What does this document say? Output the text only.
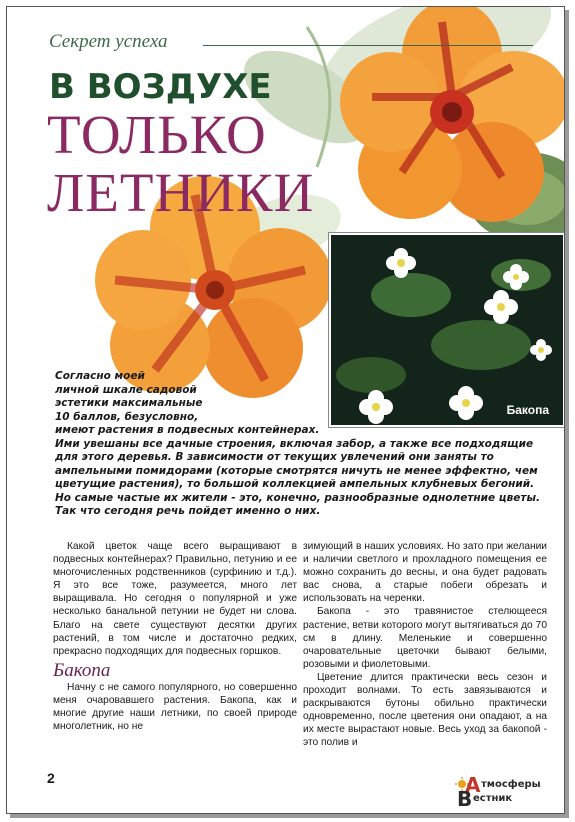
Секрет успеха
В ВОЗДУХЕ
ТОЛЬКО
ЛЕТНИКИ
Бакопа

Согласно моей

личной шкале садовой

эстетики максимальные

10 баллов, безусловно,

имеют растения в подвесных контейнерах.

Ими увешаны все дачные строения, включая забор, а также все подходящие для этого деревья. В зависимости от текущих увлечений они заняты то ампельными помидорами (которые смотрятся ничуть не менее эффектно, чем цветущие растения), то большой коллекцией ампельных клубневых бегоний. Но самые частые их жители - это, конечно, разнообразные однолетние цветы. Так что сегодня речь пойдет именно о них.

Какой цветок чаще всего выращивают в подвесных контейнерах? Правильно, петунию и ее многочисленных родственников (сурфинию и т.д.). Я это все тоже, разумеется, много лет выращивала. Но сегодня о популярной и уже несколько банальной петунии не будет ни слова. Благо на свете существуют десятки других растений, в том числе и достаточно редких, прекрасно подходящих для подвесных горшков.

Бакопа

Начну с не самого популярного, но совершенно меня очаровавшего растения. Бакопа, как и многие другие наши летники, по своей природе многолетник, но не

зимующий в наших условиях. Но зато при желании и наличии светлого и прохладного помещения ее можно сохранить до весны, и она будет радовать вас снова, а старые побеги обрезать и использовать на черенки.

Бакопа - это травянистое стелющееся растение, ветви которого могут вытягиваться до 70 см в длину. Меленькие и совершенно очаровательные цветочки бывают белыми, розовыми и фиолетовыми.

Цветение длится практически весь сезон и проходит волнами. То есть завязываются и раскрываются бутоны обильно практически одновременно, после цветения они опадают, а на их месте вырастают новые. Весь уход за бакопой - это полив и

2	А тмосферы
В естник
